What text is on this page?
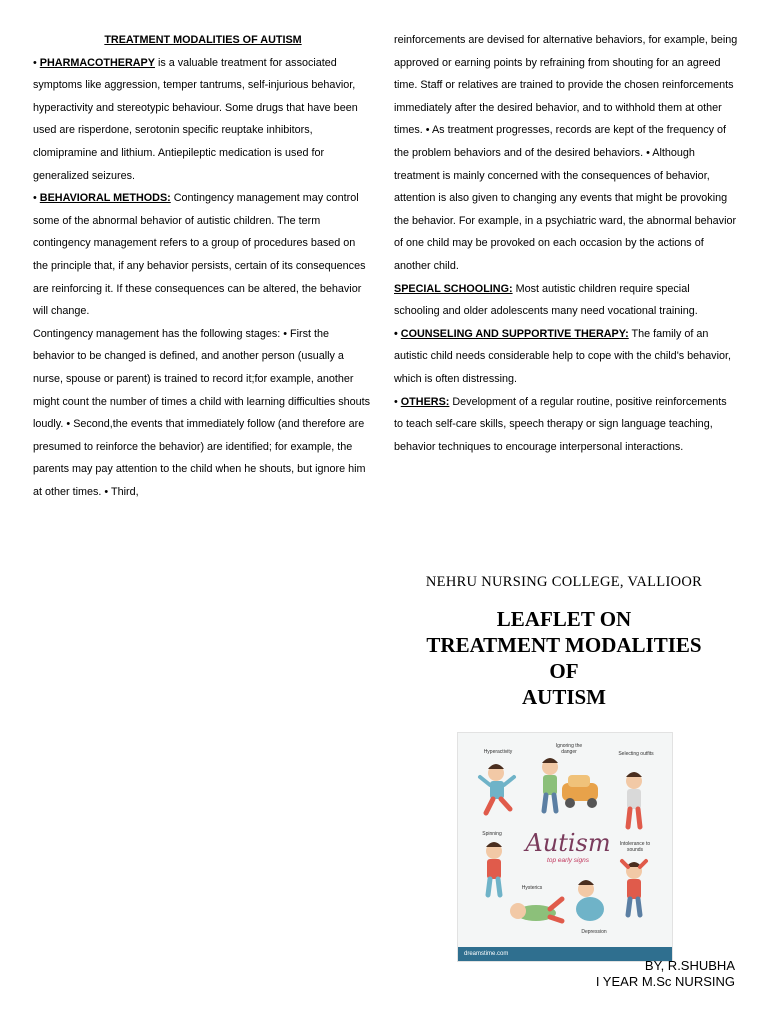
TREATMENT MODALITIES OF AUTISM

• PHARMACOTHERAPY is a valuable treatment for associated symptoms like aggression, temper tantrums, self-injurious behavior, hyperactivity and stereotypic behaviour. Some drugs that have been used are risperdone, serotonin specific reuptake inhibitors, clomipramine and lithium. Antiepileptic medication is used for generalized seizures.

• BEHAVIORAL METHODS: Contingency management may control some of the abnormal behavior of autistic children. The term contingency management refers to a group of procedures based on the principle that, if any behavior persists, certain of its consequences are reinforcing it. If these consequences can be altered, the behavior will change.

Contingency management has the following stages: • First the behavior to be changed is defined, and another person (usually a nurse, spouse or parent) is trained to record it;for example, another might count the number of times a child with learning difficulties shouts loudly. • Second,the events that immediately follow (and therefore are presumed to reinforce the behavior) are identified; for example, the parents may pay attention to the child when he shouts, but ignore him at other times. • Third,

reinforcements are devised for alternative behaviors, for example, being approved or earning points by refraining from shouting for an agreed time. Staff or relatives are trained to provide the chosen reinforcements immediately after the desired behavior, and to withhold them at other times. • As treatment progresses, records are kept of the frequency of the problem behaviors and of the desired behaviors. • Although treatment is mainly concerned with the consequences of behavior, attention is also given to changing any events that might be provoking the behavior. For example, in a psychiatric ward, the abnormal behavior of one child may be provoked on each occasion by the actions of another child.

SPECIAL SCHOOLING: Most autistic children require special schooling and older adolescents many need vocational training.

• COUNSELING AND SUPPORTIVE THERAPY: The family of an autistic child needs considerable help to cope with the child's behavior, which is often distressing.

• OTHERS: Development of a regular routine, positive reinforcements to teach self-care skills, speech therapy or sign language teaching, behavior techniques to encourage interpersonal interactions.

NEHRU NURSING COLLEGE, VALLIOOR
LEAFLET ON
TREATMENT MODALITIES
OF
AUTISM
Hyperactivity
Ignoring the danger	Selecting outfits
Spinning
Intolerance to sounds
Hysterics
Depression
Autism
top early signs
dreamstime.com
BY, R.SHUBHA
I YEAR M.Sc NURSING
